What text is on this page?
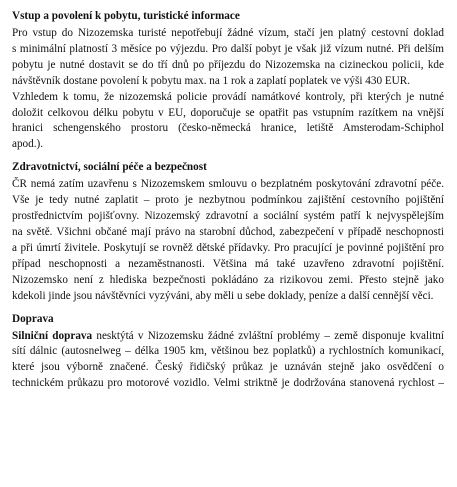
Vstup a povolení k pobytu, turistické informace
Pro vstup do Nizozemska turisté nepotřebují žádné vízum, stačí jen platný cestovní doklad
s minimální platností 3 měsíce po výjezdu. Pro další pobyt je však již vízum nutné. Při delším
pobytu je nutné dostavit se do tří dnů po příjezdu do Nizozemska na cizineckou policii, kde
návštěvník dostane povolení k pobytu max. na 1 rok a zaplatí poplatek ve výši 430 EUR.
Vzhledem k tomu, že nizozemská policie provádí namátkové kontroly, při kterých je nutné
doložit celkovou délku pobytu v EU, doporučuje se opatřit pas vstupním razítkem na vnější
hranici schengenského prostoru (česko-německá hranice, letiště Amsterodam-Schiphol
apod.).
Zdravotnictví, sociální péče a bezpečnost
ČR nemá zatím uzavřenu s Nizozemskem smlouvu o bezplatném poskytování zdravotní péče.
Vše je tedy nutné zaplatit – proto je nezbytnou podmínkou zajištění cestovního pojištění
prostřednictvím pojišťovny. Nizozemský zdravotní a sociální systém patří k nejvyspělejším
na světě. Všichni občané mají právo na starobní důchod, zabezpečení v případě neschopnosti
a při úmrtí živitele. Poskytují se rovněž dětské přídavky. Pro pracující je povinné pojištění pro
případ neschopnosti a nezaměstnanosti. Většina má také uzavřeno zdravotní pojištění.
Nizozemsko není z hlediska bezpečnosti pokládáno za rizikovou zemi. Přesto stejně jako
kdekoli jinde jsou návštěvníci vyzýváni, aby měli u sebe doklady, peníze a další cennější věci.
Doprava
Silniční doprava nesktýtá v Nizozemsku žádné zvláštní problémy – země disponuje kvalitní
sítí dálnic (autosnelweg – délka 1905 km, většinou bez poplatků) a rychlostních komunikací,
které jsou výborně značené. Český řidičský průkaz je uznáván stejně jako osvědčení o
technickém průkazu pro motorové vozidlo. Velmi striktně je dodržována stanovená rychlost –
